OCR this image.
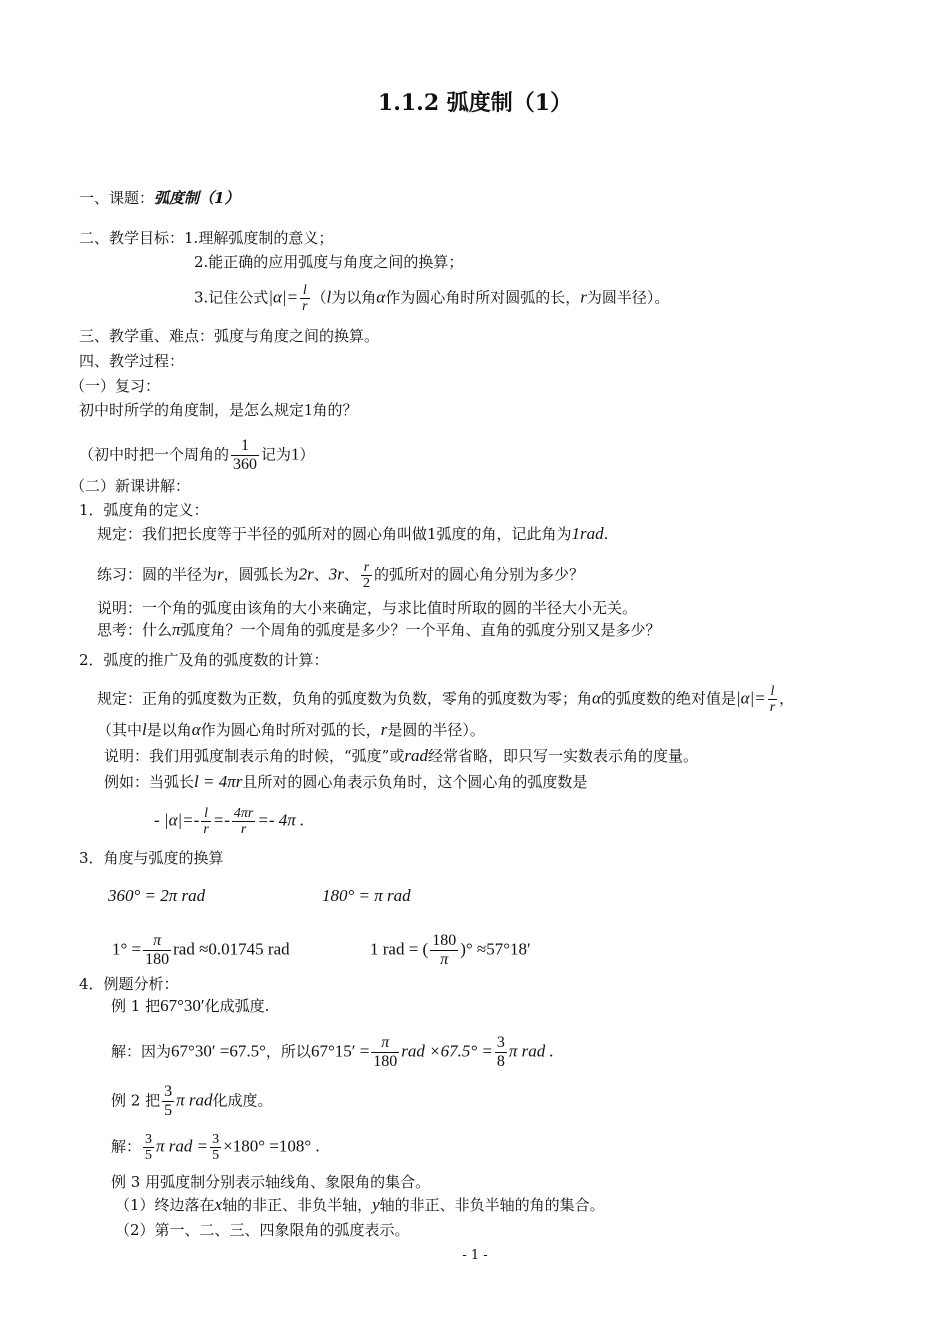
1.1.2 弧度制（1）
一、课题：弧度制（1）
二、教学目标：1.理解弧度制的意义；
2.能正确的应用弧度与角度之间的换算；
3.记住公式$|\alpha|= \frac{l}{r} (l$为以角α作为圆心角时所对圆弧的长，r为圆半径）。
三、教学重、难点：弧度与角度之间的换算。
四、教学过程：
（一）复习：
初中时所学的角度制，是怎么规定1角的？
（初中时把一个周角的 $\frac{1}{360}$ 记为1）
（二）新课讲解：
1．弧度角的定义：
规定：我们把长度等于半径的弧所对的圆心角叫做1弧度的角，记此角为1rad.
练习：圆的半径为r，圆弧长为2r、3r、 $\frac{r}{2}$ 的弧所对的圆心角分别为多少？
说明：一个角的弧度由该角的大小来确定，与求比值时所取的圆的半径大小无关。
思考：什么π弧度角？一个周角的弧度是多少？一个平角、直角的弧度分别又是多少？
2．弧度的推广及角的弧度数的计算：
规定：正角的弧度数为正数，负角的弧度数为负数，零角的弧度数为零；角α的弧度数的绝对值是$|\alpha|= \frac{l}{r}$ ，
（其中l是以角α作为圆心角时所对弧的长，r是圆的半径）。
说明：我们用弧度制表示角的时候，“弧度”或rad经常省略，即只写一实数表示角的度量。
例如：当弧长l = 4πr且所对的圆心角表示负角时，这个圆心角的弧度数是
- $|\alpha|=- \frac{l}{r} =- \frac{4\pi r}{r} =- 4\pi$ .
3．角度与弧度的换算
360° = 2π rad	180° = π rad
$1^\circ = \frac{\pi}{180}$ rad ≈0.01745 rad	1 rad = ( $\frac{180}{\pi}$ )° ≈57°18′
4．例题分析：
例 1 把67°30′化成弧度.
解：因为67°30′ =67.5°，所以$67^\circ 15' = \frac{\pi}{180}$ rad $\times 67.5^\circ = \frac{3}{8}$ π rad .
例 2 把 $\frac{3}{5}$ π rad化成度。
解： $\frac{3}{5}$ π rad = $\frac{3}{5} \times 180^\circ =108^\circ$ .
例 3 用弧度制分别表示轴线角、象限角的集合。
（1）终边落在x轴的非正、非负半轴，y轴的非正、非负半轴的角的集合。
（2）第一、二、三、四象限角的弧度表示。
- 1 -
